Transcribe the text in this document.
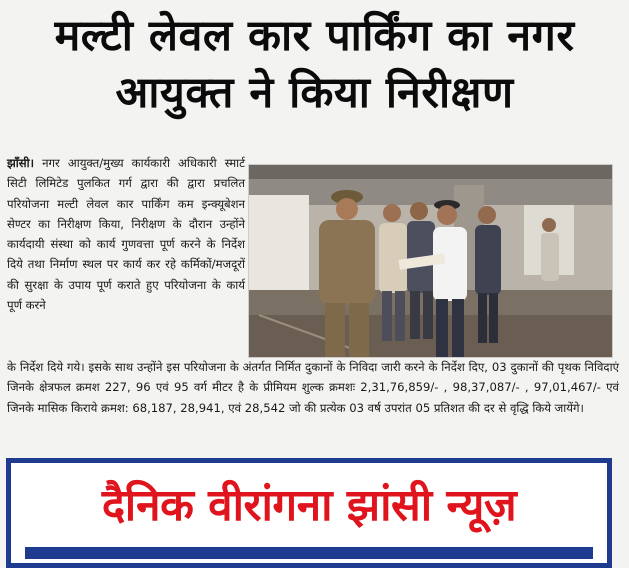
मल्टी लेवल कार पार्किंग का नगर
आयुक्त ने किया निरीक्षण
झाँसी। नगर आयुक्त/मुख्य कार्यकारी अधिकारी स्मार्ट सिटी लिमिटेड पुलकित गर्ग द्वारा की द्वारा प्रचलित परियोजना मल्टी लेवल कार पार्किंग कम इन्क्यूबेशन सेण्टर का निरीक्षण किया, निरीक्षण के दौरान उन्होंने कार्यदायी संस्था को कार्य गुणवत्ता पूर्ण करने के निर्देश दिये तथा निर्माण स्थल पर कार्य कर रहे कर्मिकों/मजदूरों की सुरक्षा के उपाय पूर्ण कराते हुए परियोजना के कार्य पूर्ण करने
के निर्देश दिये गये। इसके साथ उन्होंने इस परियोजना के अंतर्गत निर्मित दुकानों के निविदा जारी करने के निर्देश दिए, 03 दुकानों की पृथक निविदाएं जिनके क्षेत्रफल क्रमश 227, 96 एवं 95 वर्ग मीटर है के प्रीमियम शुल्क क्रमशः 2,31,76,859/- , 98,37,087/- , 97,01,467/- एवं जिनके मासिक किराये क्रमश: 68,187, 28,941, एवं 28,542 जो की प्रत्येक 03 वर्ष उपरांत 05 प्रतिशत की दर से वृद्धि किये जायेंगे।
दैनिक वीरांगना झांसी न्यूज़
